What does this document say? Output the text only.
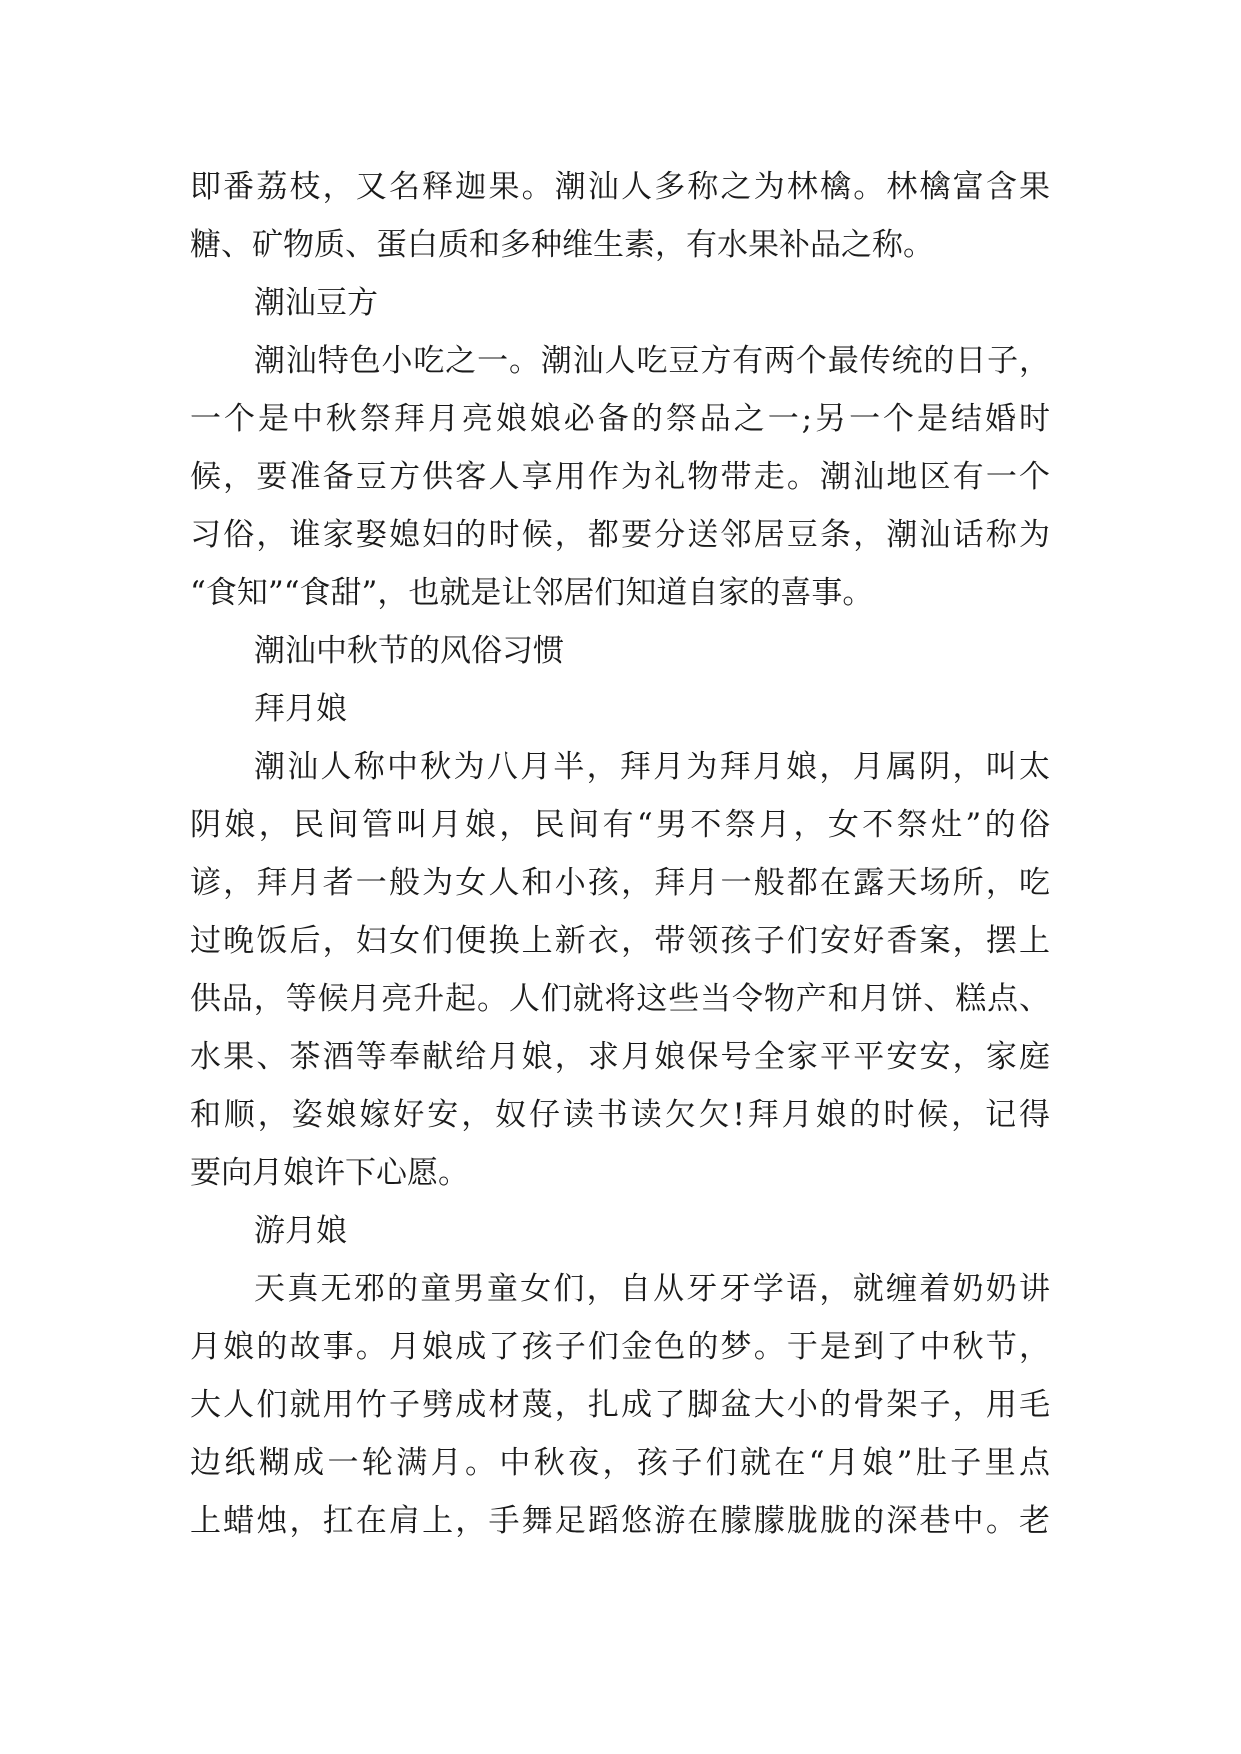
即番荔枝，又名释迦果。潮汕人多称之为林檎。林檎富含果
糖、矿物质、蛋白质和多种维生素，有水果补品之称。
潮汕豆方
潮汕特色小吃之一。潮汕人吃豆方有两个最传统的日子，
一个是中秋祭拜月亮娘娘必备的祭品之一;另一个是结婚时
候，要准备豆方供客人享用作为礼物带走。潮汕地区有一个
习俗，谁家娶媳妇的时候，都要分送邻居豆条，潮汕话称为
“食知”“食甜”，也就是让邻居们知道自家的喜事。
潮汕中秋节的风俗习惯
拜月娘
潮汕人称中秋为八月半，拜月为拜月娘，月属阴，叫太
阴娘，民间管叫月娘，民间有“男不祭月，女不祭灶”的俗
谚，拜月者一般为女人和小孩，拜月一般都在露天场所，吃
过晚饭后，妇女们便换上新衣，带领孩子们安好香案，摆上
供品，等候月亮升起。人们就将这些当令物产和月饼、糕点、
水果、茶酒等奉献给月娘，求月娘保号全家平平安安，家庭
和顺，姿娘嫁好安，奴仔读书读欠欠!拜月娘的时候，记得
要向月娘许下心愿。
游月娘
天真无邪的童男童女们，自从牙牙学语，就缠着奶奶讲
月娘的故事。月娘成了孩子们金色的梦。于是到了中秋节，
大人们就用竹子劈成材蔑，扎成了脚盆大小的骨架子，用毛
边纸糊成一轮满月。中秋夜，孩子们就在“月娘”肚子里点
上蜡烛，扛在肩上，手舞足蹈悠游在朦朦胧胧的深巷中。老
